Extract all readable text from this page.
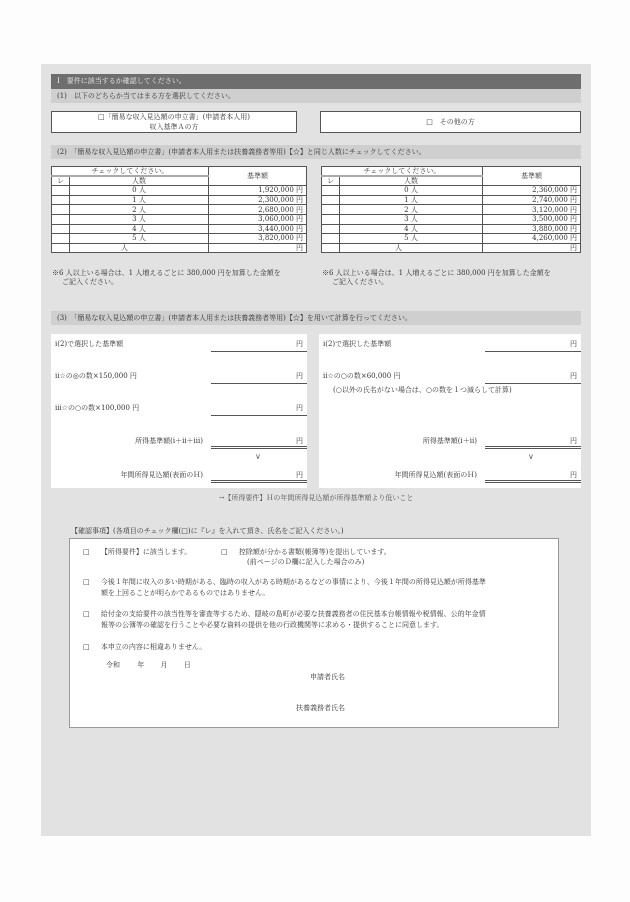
Ⅰ　要件に該当するか確認してください。
(1)　以下のどちらか当てはまる方を選択してください。
□「簡易な収入見込額の申立書」(申請者本人用)
収入基準Ａの方
□　その他の方
(2)　「簡易な収入見込額の申立書」(申請者本人用または扶養義務者等用)【☆】と同じ人数にチェックしてください。
チェックしてください。		基準額
レ	人数	
	0 人	1,920,000 円
	1 人	2,300,000 円
	2 人	2,680,000 円
	3 人	3,060,000 円
	4 人	3,440,000 円
	5 人	3,820,000 円
	人	円
※6 人以上いる場合は、1 人増えるごとに 380,000 円を加算した金額を
ご記入ください。
チェックしてください。		基準額
レ	人数	
	0 人	2,360,000 円
	1 人	2,740,000 円
	2 人	3,120,000 円
	3 人	3,500,000 円
	4 人	3,880,000 円
	5 人	4,260,000 円
	人	円
※6 人以上いる場合は、1 人増えるごとに 380,000 円を加算した金額を
ご記入ください。
(3)　「簡易な収入見込額の申立書」(申請者本人用または扶養義務者等用)【☆】を用いて計算を行ってください。
ⅰ(2)で選択した基準額	円
ⅱ☆の◎の数×150,000 円	円
ⅲ☆の○の数×100,000 円	円
所得基準額(ⅰ＋ⅱ＋ⅲ)	円
∨
年間所得見込額(表面のＨ)	円
ⅰ(2)で選択した基準額	円
ⅱ☆の○の数×60,000 円	円
(○以外の氏名がない場合は、○の数を１つ減らして計算)
所得基準額(ⅰ＋ⅱ)	円
∨
年間所得見込額(表面のＨ)	円
→【所得要件】Ｈの年間所得見込額が所得基準額より低いこと
【確認事項】(各項目のチェック欄(□)に『レ』を入れて頂き、氏名をご記入ください。)
□ 【所得要件】に該当します。	□ 控除額が分かる書類(帳簿等)を提出しています。
(前ページのＤ欄に記入した場合のみ)
□ 今後１年間に収入の多い時期がある、臨時の収入がある時期があるなどの事情により、今後１年間の所得見込額が所得基準
額を上回ることが明らかであるものではありません。
□ 給付金の支給要件の該当性等を審査等するため、隠岐の島町が必要な扶養義務者の住民基本台帳情報や税情報、公的年金情
報等の公簿等の確認を行うことや必要な資料の提供を他の行政機関等に求める・提供することに同意します。
□ 本申立の内容に相違ありません。
令和 年 月 日
申請者氏名
扶養義務者氏名
